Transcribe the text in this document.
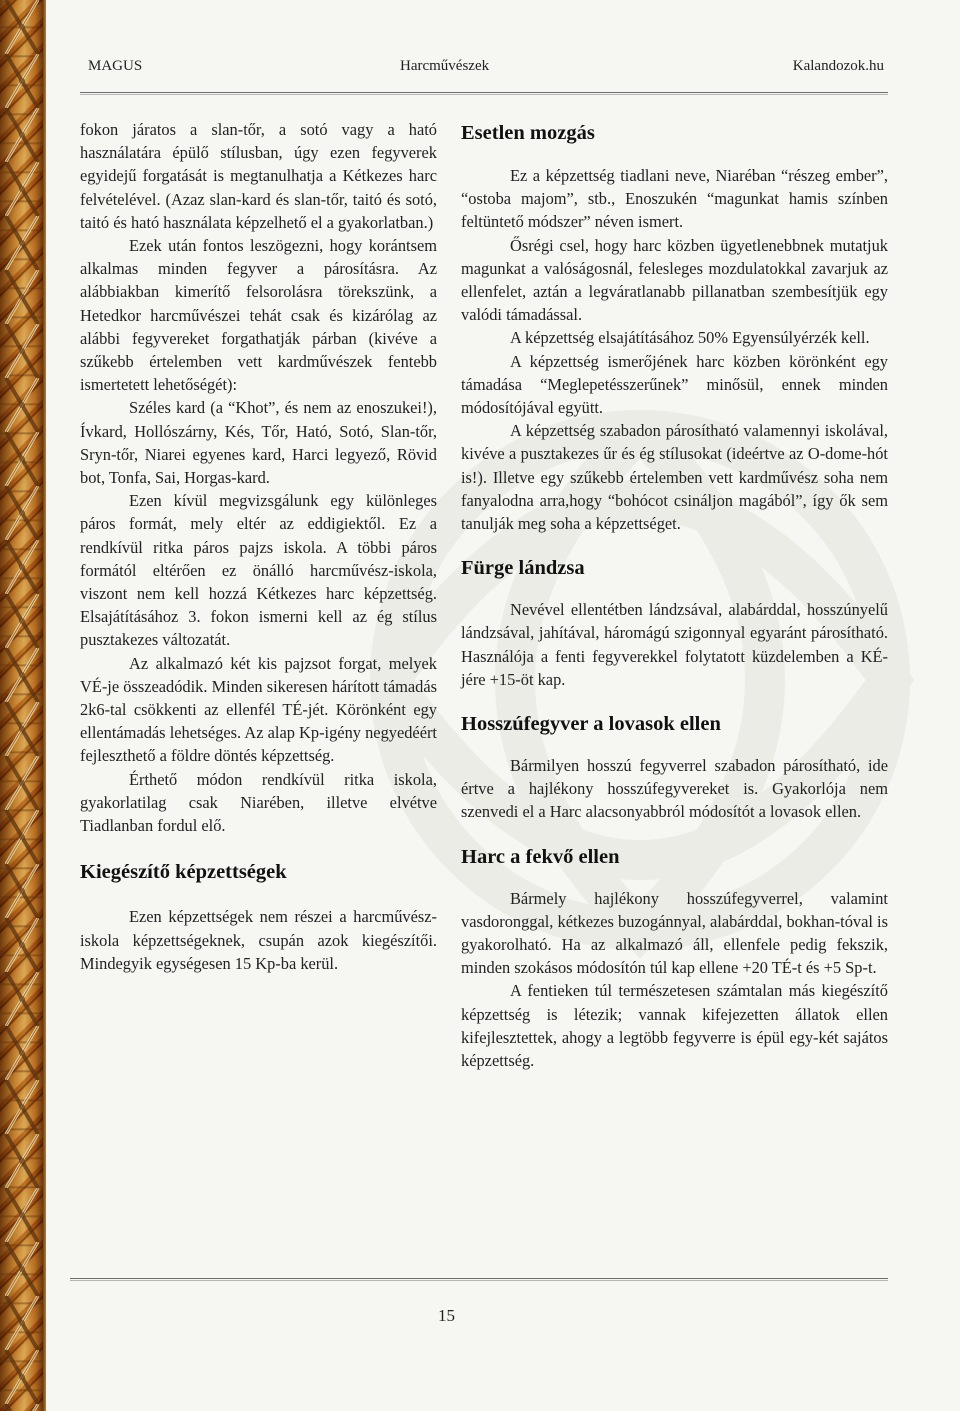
MAGUS	Harcművészek	Kalandozok.hu

fokon járatos a slan-tőr, a sotó vagy a ható használatára épülő stílusban, úgy ezen fegyverek egyidejű forgatását is megtanulhatja a Kétkezes harc felvételével. (Azaz slan-kard és slan-tőr, taitó és sotó, taitó és ható használata képzelhető el a gyakorlatban.)

Ezek után fontos leszögezni, hogy korántsem alkalmas minden fegyver a párosításra. Az alábbiakban kimerítő felsorolásra törekszünk, a Hetedkor harcművészei tehát csak és kizárólag az alábbi fegyvereket forgathatják párban (kivéve a szűkebb értelemben vett kardművészek fentebb ismertetett lehetőségét):

Széles kard (a “Khot”, és nem az enoszukei!), Ívkard, Hollószárny, Kés, Tőr, Ható, Sotó, Slan-tőr, Sryn-tőr, Niarei egyenes kard, Harci legyező, Rövid bot, Tonfa, Sai, Horgas-kard.

Ezen kívül megvizsgálunk egy különleges páros formát, mely eltér az eddigiektől. Ez a rendkívül ritka páros pajzs iskola. A többi páros formától eltérően ez önálló harcművész-iskola, viszont nem kell hozzá Kétkezes harc képzettség. Elsajátításához 3. fokon ismerni kell az ég stílus pusztakezes változatát.

Az alkalmazó két kis pajzsot forgat, melyek VÉ-je összeadódik. Minden sikeresen hárított támadás 2k6-tal csökkenti az ellenfél TÉ-jét. Körönként egy ellentámadás lehetséges. Az alap Kp-igény negyedéért fejleszthető a földre döntés képzettség.

Érthető módon rendkívül ritka iskola, gyakorlatilag csak Niarében, illetve elvétve Tiadlanban fordul elő.

Kiegészítő képzettségek

Ezen képzettségek nem részei a harcművész-iskola képzettségeknek, csupán azok kiegészítői. Mindegyik egységesen 15 Kp-ba kerül.

Esetlen mozgás

Ez a képzettség tiadlani neve, Niaréban “részeg ember”, “ostoba majom”, stb., Enoszukén “magunkat hamis színben feltüntető módszer” néven ismert.

Ősrégi csel, hogy harc közben ügyetlenebbnek mutatjuk magunkat a valóságosnál, felesleges mozdulatokkal zavarjuk az ellenfelet, aztán a legváratlanabb pillanatban szembesítjük egy valódi támadással.

A képzettség elsajátításához 50% Egyensúlyérzék kell.

A képzettség ismerőjének harc közben körönként egy támadása “Meglepetésszerűnek” minősül, ennek minden módosítójával együtt.

A képzettség szabadon párosítható valamennyi iskolával, kivéve a pusztakezes űr és ég stílusokat (ideértve az O-dome-hót is!). Illetve egy szűkebb értelemben vett kardművész soha nem fanyalodna arra,hogy “bohócot csináljon magából”, így ők sem tanulják meg soha a képzettséget.

Fürge lándzsa

Nevével ellentétben lándzsával, alabárddal, hosszúnyelű lándzsával, jahítával, háromágú szigonnyal egyaránt párosítható. Használója a fenti fegyverekkel folytatott küzdelemben a KÉ-jére +15-öt kap.

Hosszúfegyver a lovasok ellen

Bármilyen hosszú fegyverrel szabadon párosítható, ide értve a hajlékony hosszúfegyvereket is. Gyakorlója nem szenvedi el a Harc alacsonyabbról módosítót a lovasok ellen.

Harc a fekvő ellen

Bármely hajlékony hosszúfegyverrel, valamint vasdoronggal, kétkezes buzogánnyal, alabárddal, bokhan-tóval is gyakorolható. Ha az alkalmazó áll, ellenfele pedig fekszik, minden szokásos módosítón túl kap ellene +20 TÉ-t és +5 Sp-t.

A fentieken túl természetesen számtalan más kiegészítő képzettség is létezik; vannak kifejezetten állatok ellen kifejlesztettek, ahogy a legtöbb fegyverre is épül egy-két sajátos képzettség.

15
